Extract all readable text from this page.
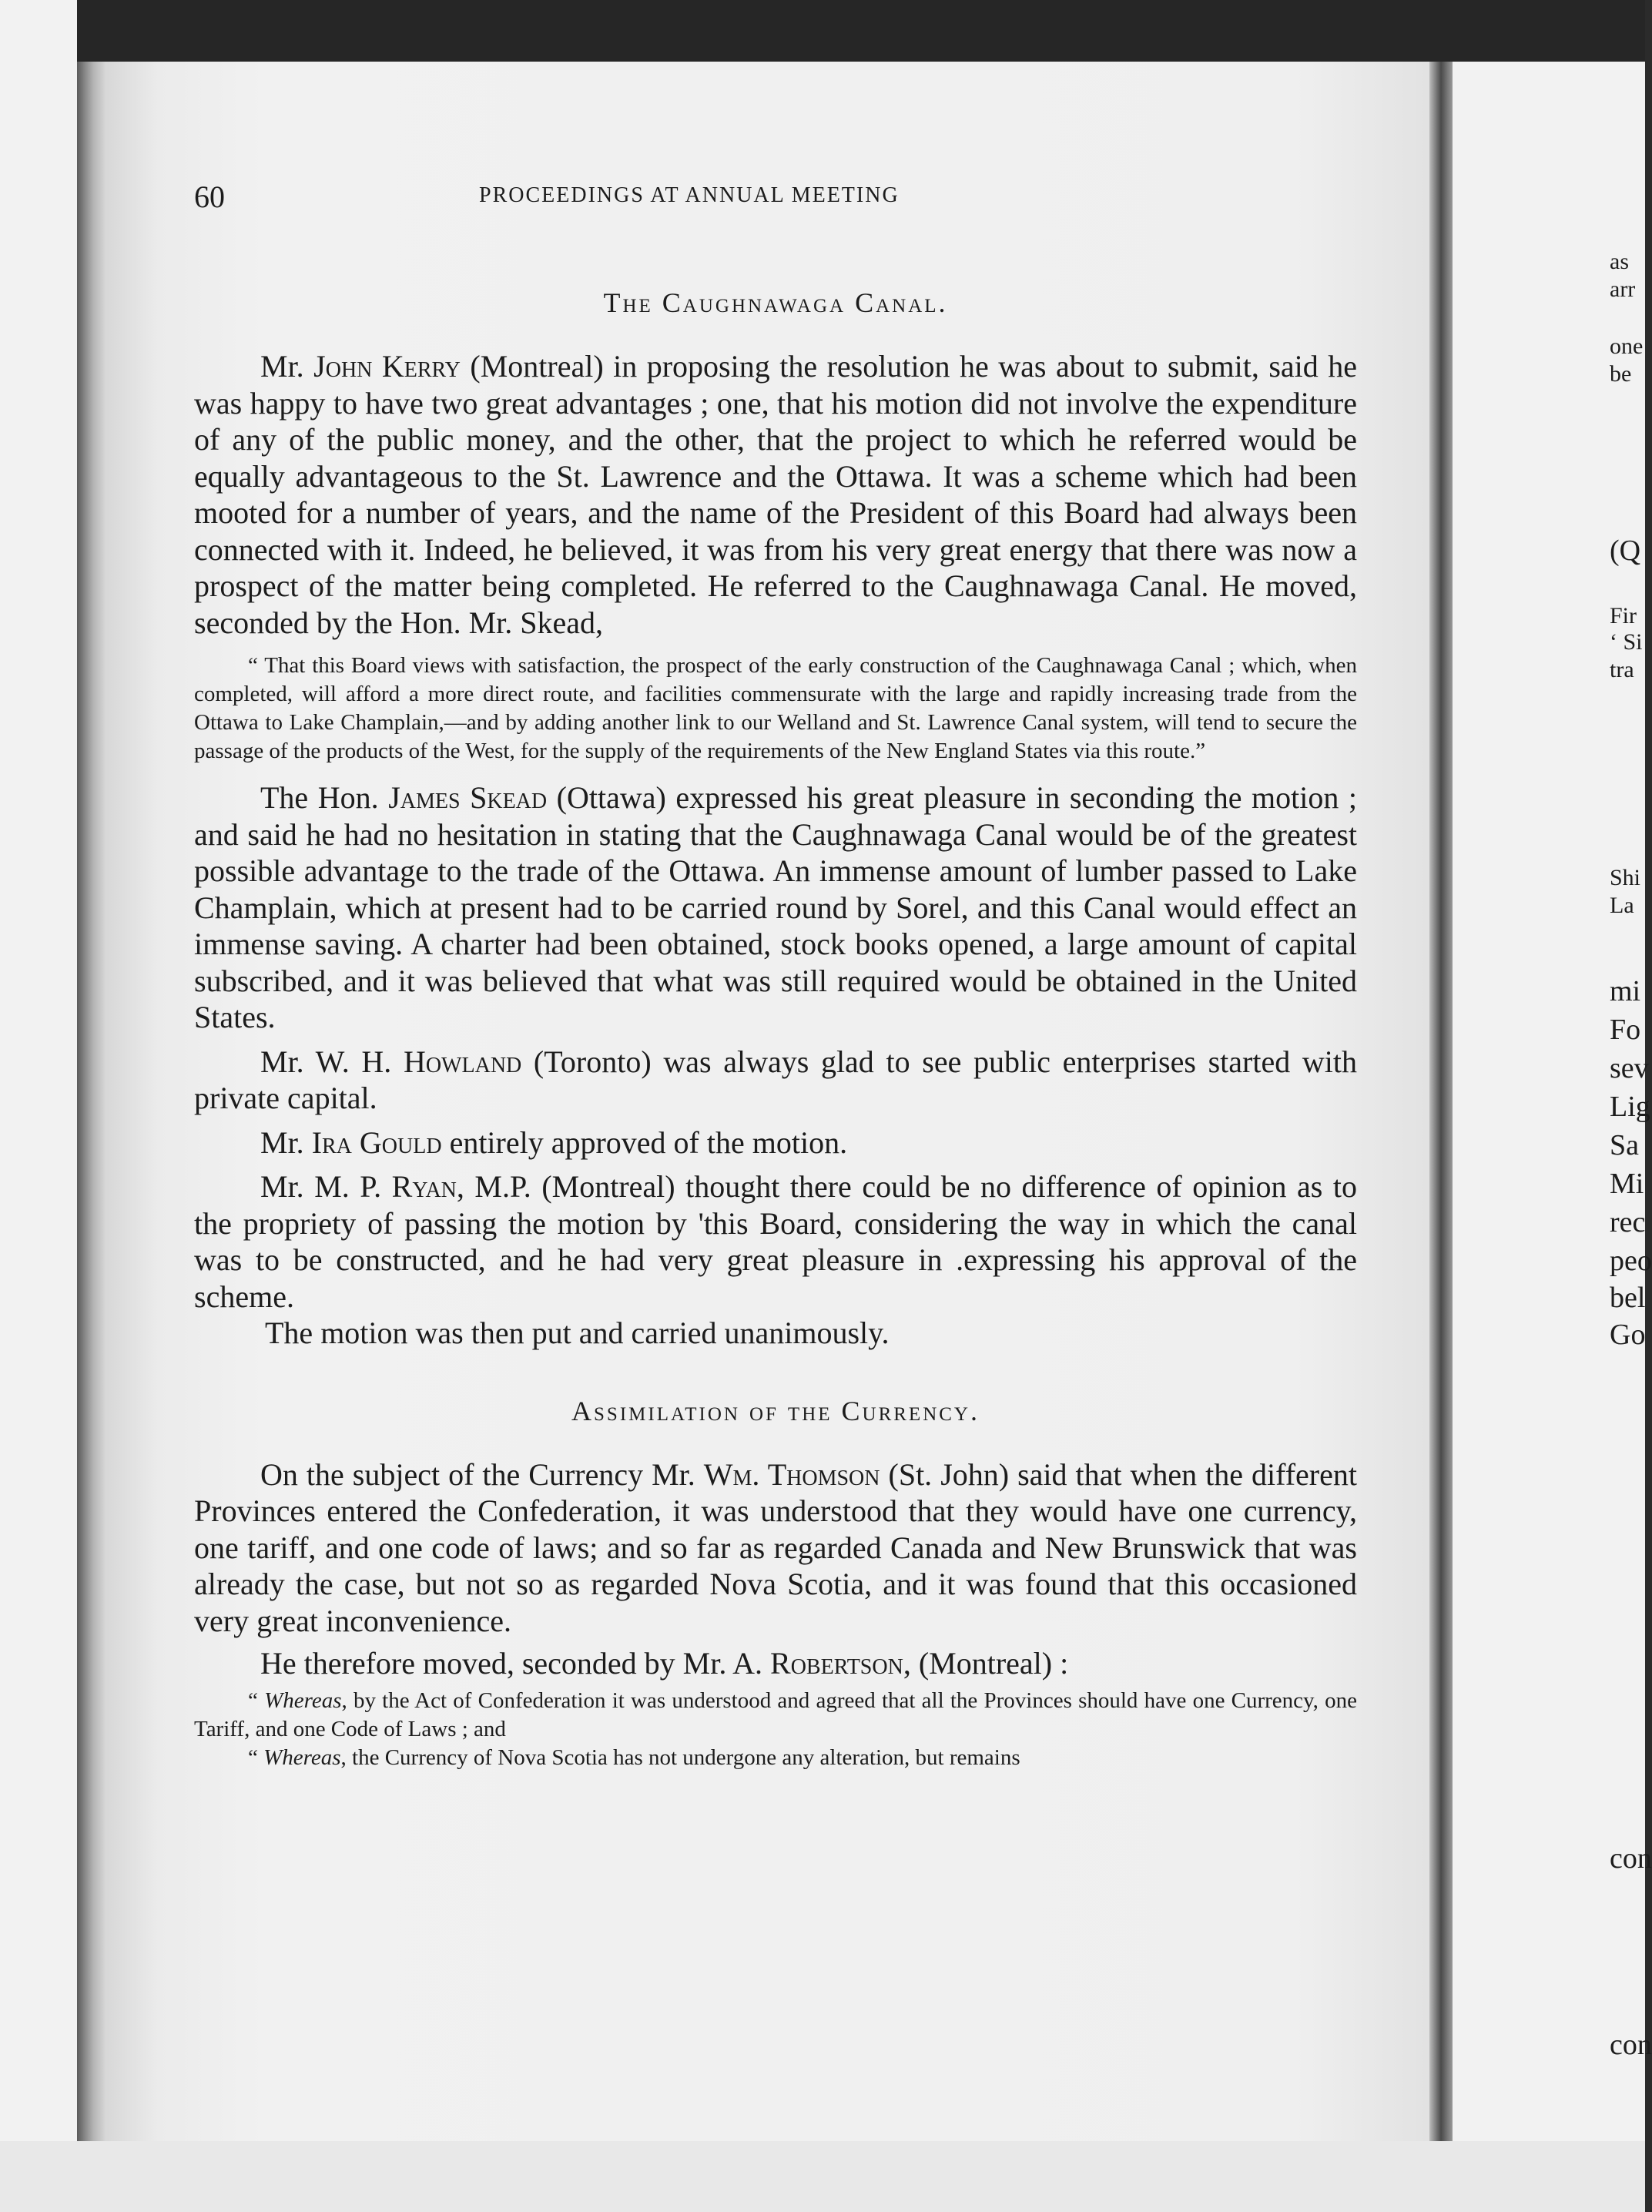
60	PROCEEDINGS AT ANNUAL MEETING
The Caughnawaga Canal.

Mr. John Kerry (Montreal) in proposing the resolution he was about to submit, said he was happy to have two great advantages ; one, that his motion did not involve the expenditure of any of the public money, and the other, that the project to which he referred would be equally advantageous to the St. Lawrence and the Ottawa. It was a scheme which had been mooted for a number of years, and the name of the President of this Board had always been connected with it. Indeed, he believed, it was from his very great energy that there was now a prospect of the matter being completed. He referred to the Caughnawaga Canal. He moved, seconded by the Hon. Mr. Skead,

“ That this Board views with satisfaction, the prospect of the early construction of the Caughnawaga Canal ; which, when completed, will afford a more direct route, and facilities commensurate with the large and rapidly increasing trade from the Ottawa to Lake Champlain,—and by adding another link to our Welland and St. Lawrence Canal system, will tend to secure the passage of the products of the West, for the supply of the requirements of the New England States via this route.”

The Hon. James Skead (Ottawa) expressed his great pleasure in seconding the motion ; and said he had no hesitation in stating that the Caughnawaga Canal would be of the greatest possible advantage to the trade of the Ottawa. An immense amount of lumber passed to Lake Champlain, which at present had to be carried round by Sorel, and this Canal would effect an immense saving. A charter had been obtained, stock books opened, a large amount of capital subscribed, and it was believed that what was still required would be obtained in the United States.

Mr. W. H. Howland (Toronto) was always glad to see public enterprises started with private capital.

Mr. Ira Gould entirely approved of the motion.

Mr. M. P. Ryan, M.P. (Montreal) thought there could be no difference of opinion as to the propriety of passing the motion by 'this Board, considering the way in which the canal was to be constructed, and he had very great pleasure in .expressing his approval of the scheme.

The motion was then put and carried unanimously.

Assimilation of the Currency.

On the subject of the Currency Mr. Wm. Thomson (St. John) said that when the different Provinces entered the Confederation, it was understood that they would have one currency, one tariff, and one code of laws; and so far as regarded Canada and New Brunswick that was already the case, but not so as regarded Nova Scotia, and it was found that this occasioned very great inconvenience.

He therefore moved, seconded by Mr. A. Robertson, (Montreal) :

“ Whereas, by the Act of Confederation it was understood and agreed that all the Provinces should have one Currency, one Tariff, and one Code of Laws ; and

“ Whereas, the Currency of Nova Scotia has not undergone any alteration, but remains

as
arr
one
be
(Q
Fir
‘ Si
tra
Shi
La
mi
Fo
sev
Lig
Sa
Mi
rec
peo
bel
Go
con
con
